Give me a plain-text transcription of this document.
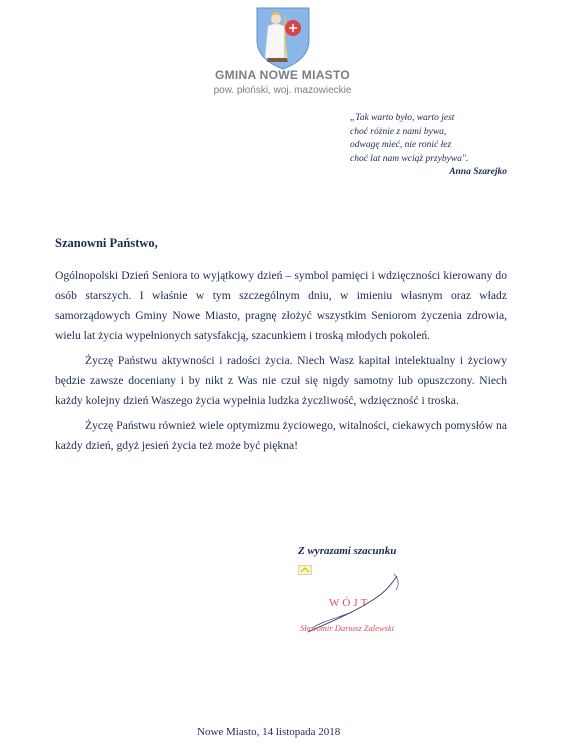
GMINA NOWE MIASTO
pow. płoński, woj. mazowieckie
„Tak warto było, warto jest
choć różnie z nami bywa,
odwagę mieć, nie ronić łez
choć lat nam wciąż przybywa".
Anna Szarejko
Szanowni Państwo,

Ogólnopolski Dzień Seniora to wyjątkowy dzień – symbol pamięci i wdzięczności kierowany do osób starszych. I właśnie w tym szczególnym dniu, w imieniu własnym oraz władz samorządowych Gminy Nowe Miasto, pragnę złożyć wszystkim Seniorom życzenia zdrowia, wielu lat życia wypełnionych satysfakcją, szacunkiem i troską młodych pokoleń.

Życzę Państwu aktywności i radości życia. Niech Wasz kapitał intelektualny i życiowy będzie zawsze doceniany i by nikt z Was nie czuł się nigdy samotny lub opuszczony. Niech każdy kolejny dzień Waszego życia wypełnia ludzka życzliwość, wdzięczność i troska.

Życzę Państwu również wiele optymizmu życiowego, witalności, ciekawych pomysłów na każdy dzień, gdyż jesień życia też może być piękna!

Z wyrazami szacunku
WÓJT
Sławomir Dariusz Zalewski
Nowe Miasto, 14 listopada 2018
